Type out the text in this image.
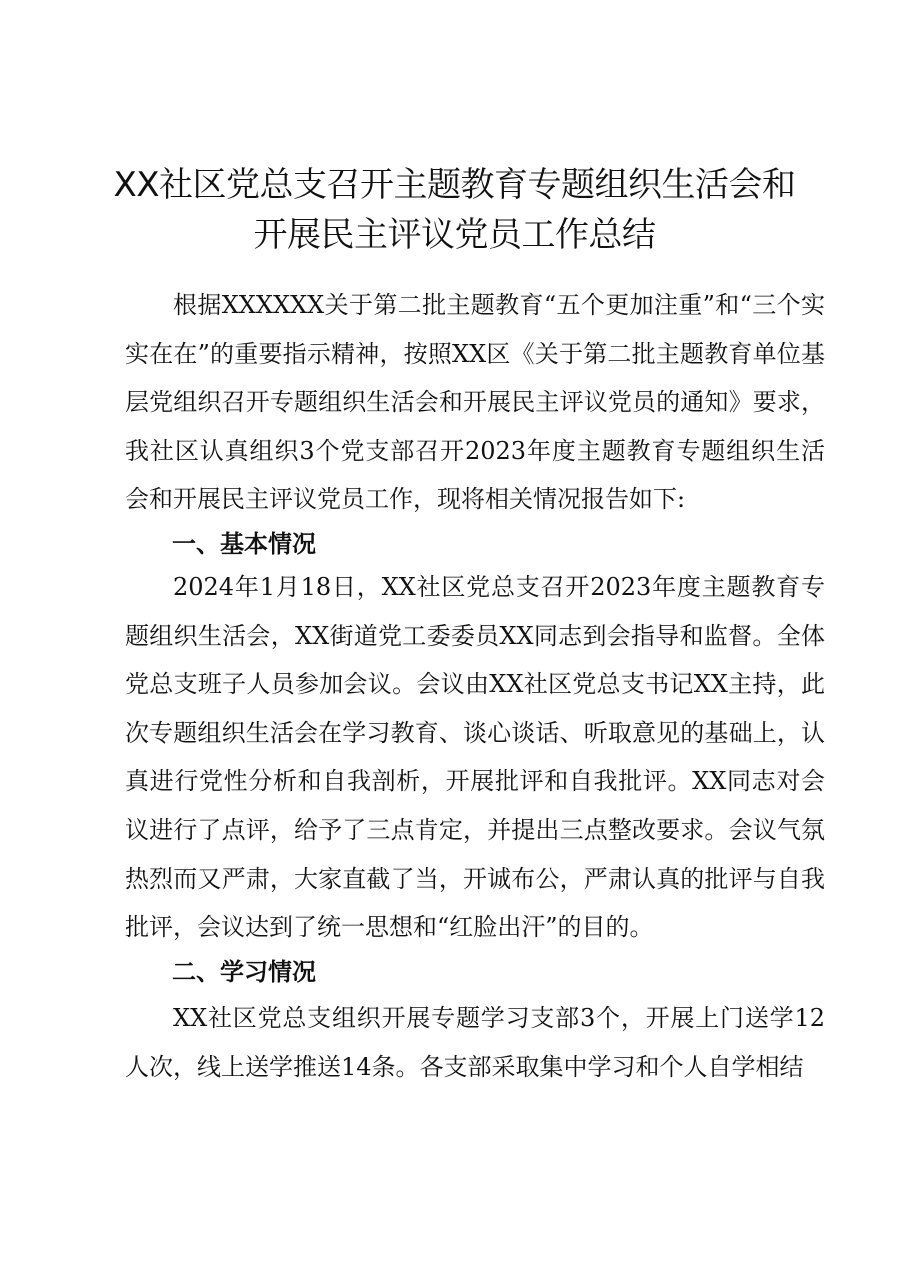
XX社区党总支召开主题教育专题组织生活会和
开展民主评议党员工作总结

根据XXXXXX关于第二批主题教育“五个更加注重”和“三个实实在在”的重要指示精神，按照XX区《关于第二批主题教育单位基层党组织召开专题组织生活会和开展民主评议党员的通知》要求，我社区认真组织3个党支部召开2023年度主题教育专题组织生活会和开展民主评议党员工作，现将相关情况报告如下:

一、基本情况

2024年1月18日，XX社区党总支召开2023年度主题教育专题组织生活会，XX街道党工委委员XX同志到会指导和监督。全体党总支班子人员参加会议。会议由XX社区党总支书记XX主持，此次专题组织生活会在学习教育、谈心谈话、听取意见的基础上，认真进行党性分析和自我剖析，开展批评和自我批评。XX同志对会议进行了点评，给予了三点肯定，并提出三点整改要求。会议气氛热烈而又严肃，大家直截了当，开诚布公，严肃认真的批评与自我批评，会议达到了统一思想和“红脸出汗”的目的。

二、学习情况

XX社区党总支组织开展专题学习支部3个，开展上门送学12人次，线上送学推送14条。各支部采取集中学习和个人自学相结
